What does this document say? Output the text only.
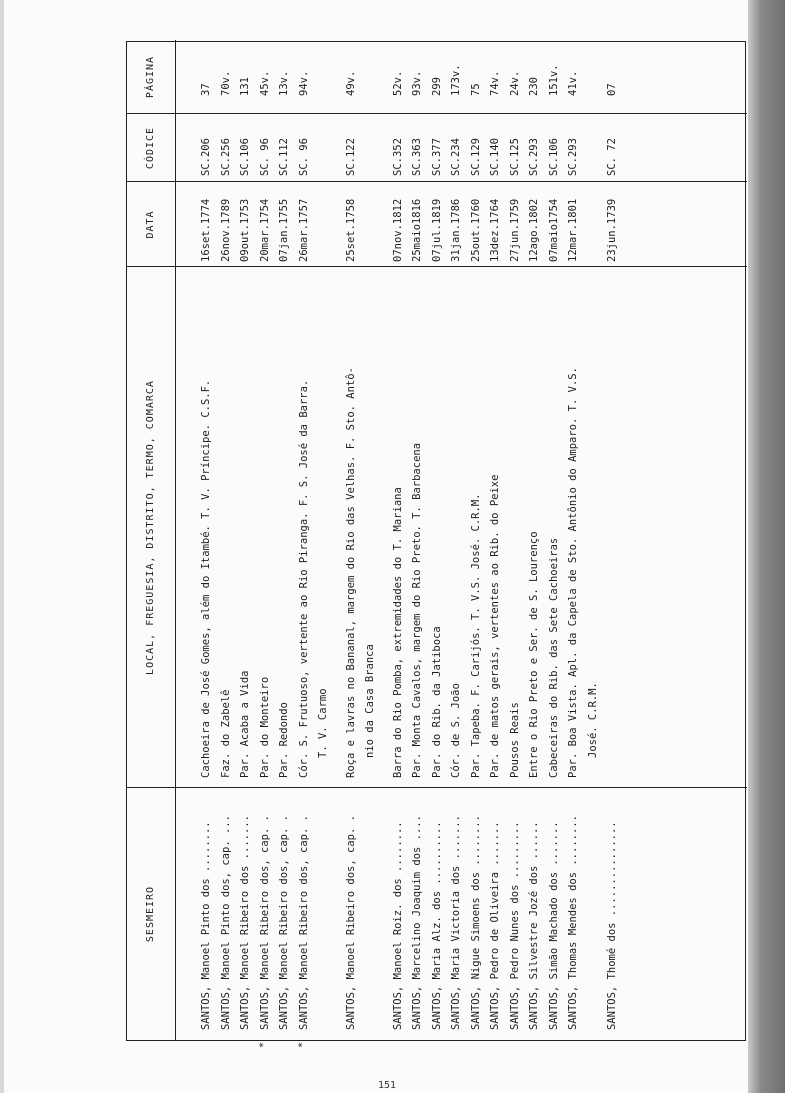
SESMEIRO
LOCAL, FREGUESIA, DISTRITO, TERMO, COMARCA
DATA
CÓDICE
PÁGINA
SANTOS, Manoel Pinto dos ........
Cachoeira de José Gomes, além do Itambé. T. V. Príncipe. C.S.F.
16set.1774
SC.206
37
SANTOS, Manoel Pinto dos, cap. ...
Faz. do Zabelê
26nov.1789
SC.256
70v.
SANTOS, Manoel Ribeiro dos .......
Par. Acaba a Vida
09out.1753
SC.106
131
SANTOS, Manoel Ribeiro dos, cap. .
*
Par. do Monteiro
20mar.1754
SC. 96
45v.
SANTOS, Manoel Ribeiro dos, cap. .
Par. Redondo
07jan.1755
SC.112
13v.
SANTOS, Manoel Ribeiro dos, cap. .
*
Cór. S. Frutuoso, vertente ao Rio Piranga. F. S. José da Barra. T. V. Carmo
26mar.1757
SC. 96
94v.
SANTOS, Manoel Ribeiro dos, cap. .
Roça e lavras no Bananal, margem do Rio das Velhas. F. Sto. Antô- nio da Casa Branca
25set.1758
SC.122
49v.
SANTOS, Manoel Roiz. dos ........
Barra do Rio Pomba, extremidades do T. Mariana
07nov.1812
SC.352
52v.
SANTOS, Marcelino Joaquim dos ....
Par. Monta Cavalos, margem do Rio Preto. T. Barbacena
25maio1816
SC.363
93v.
SANTOS, Maria Alz. dos ..........
Par. do Rib. da Jatiboca
07jul.1819
SC.377
299
SANTOS, Maria Victoria dos .......
Cór. de S. João
31jan.1786
SC.234
173v.
SANTOS, Nigue Simoens dos ........
Par. Tapeba. F. Carijós. T. V.S. José. C.R.M.
25out.1760
SC.129
75
SANTOS, Pedro de Oliveira .......
Par. de matos gerais, vertentes ao Rib. do Peixe
13dez.1764
SC.140
74v.
SANTOS, Pedro Nunes dos .........
Pousos Reais
27jun.1759
SC.125
24v.
SANTOS, Silvestre Jozé dos ......
Entre o Rio Preto e Ser. de S. Lourenço
12ago.1802
SC.293
230
SANTOS, Simão Machado dos .......
Cabeceiras do Rib. das Sete Cachoeiras
07maio1754
SC.106
151v.
SANTOS, Thomas Mendes dos ........
Par. Boa Vista. Apl. da Capela de Sto. Antônio do Amparo. T. V.S. José. C.R.M.
12mar.1801
SC.293
41v.
SANTOS, Thomé dos ...............
23jun.1739
SC. 72
07
151
